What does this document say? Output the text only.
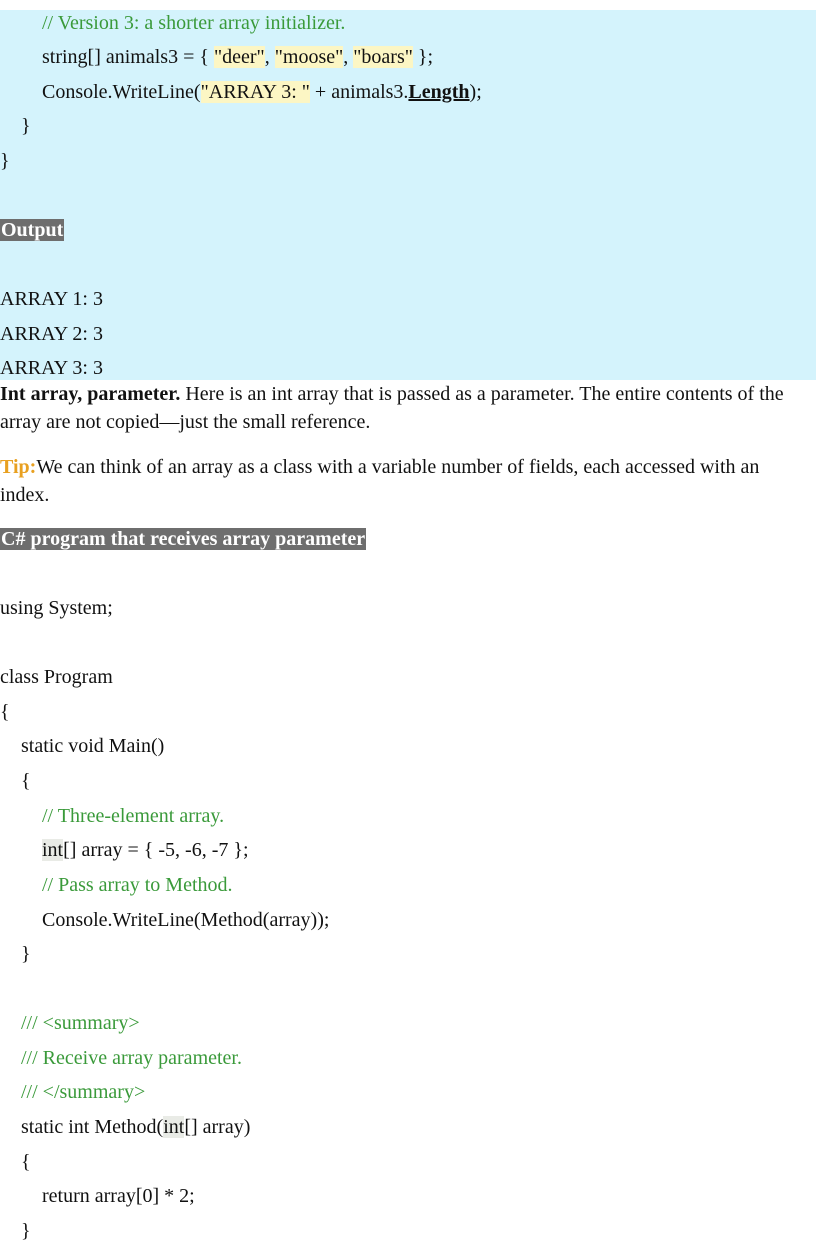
// Version 3: a shorter array initializer.
string[] animals3 = { "deer", "moose", "boars" };
Console.WriteLine("ARRAY 3: " + animals3.Length);
}
}
Output
ARRAY 1: 3
ARRAY 2: 3
ARRAY 3: 3
Int array, parameter. Here is an int array that is passed as a parameter. The entire contents of the array are not copied—just the small reference.
Tip:We can think of an array as a class with a variable number of fields, each accessed with an index.
C# program that receives array parameter
using System;
class Program
{
static void Main()
{
// Three-element array.
int[] array = { -5, -6, -7 };
// Pass array to Method.
Console.WriteLine(Method(array));
}
/// <summary>
/// Receive array parameter.
/// </summary>
static int Method(int[] array)
{
return array[0] * 2;
}
